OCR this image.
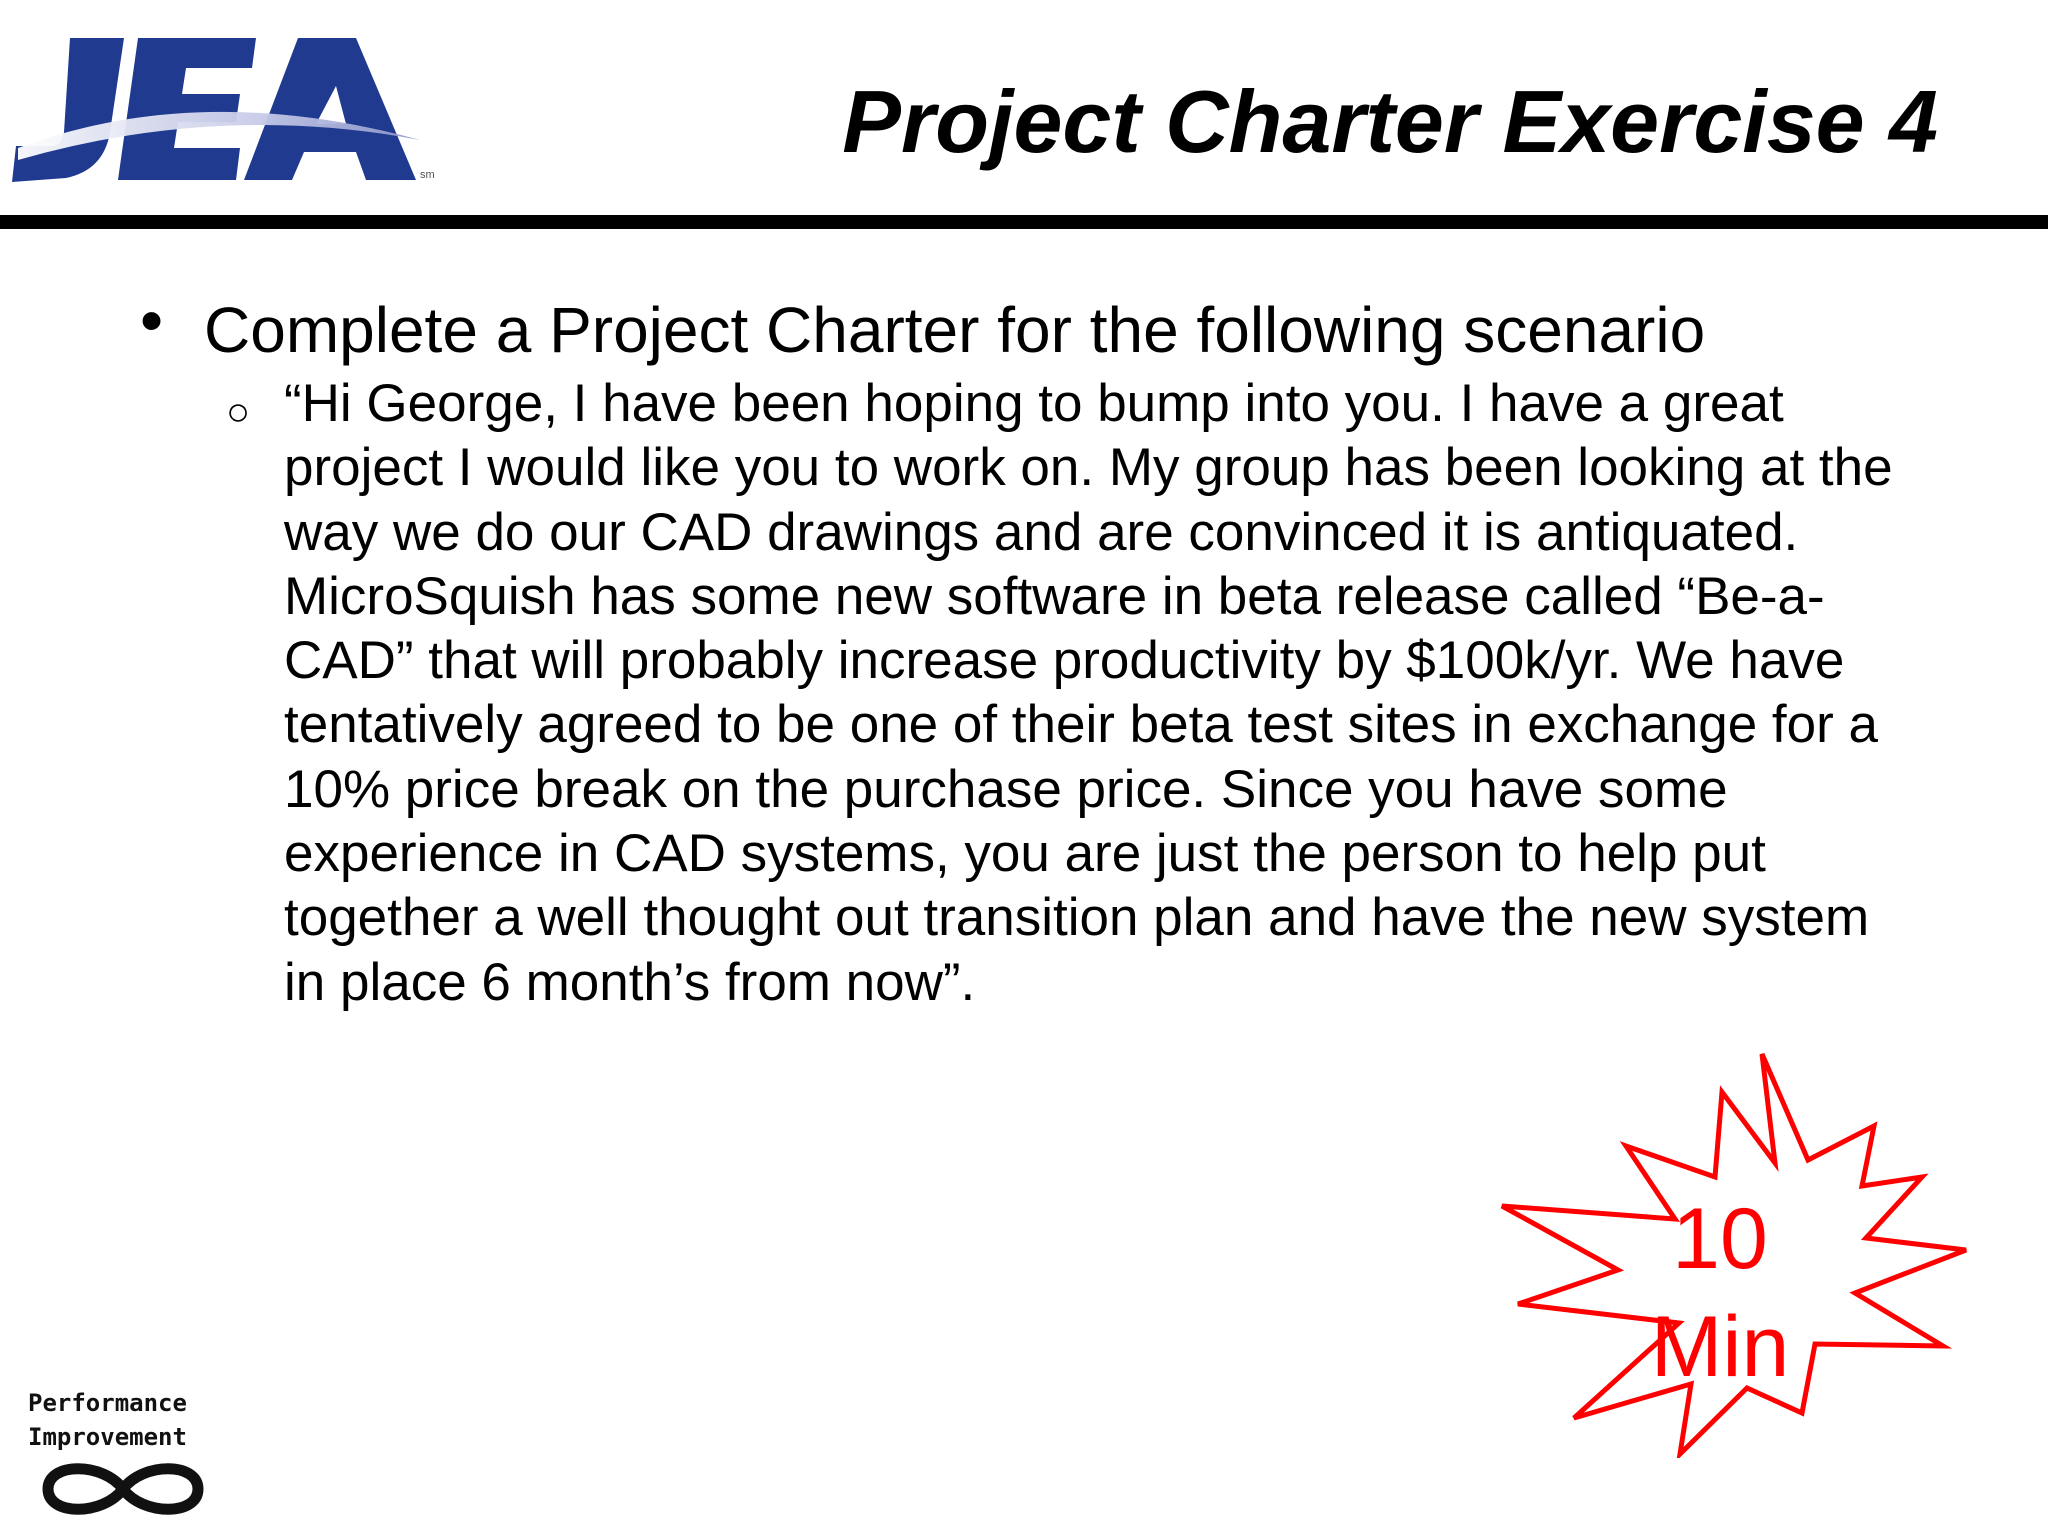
sm
Project Charter Exercise 4
• Complete a Project Charter for the following scenario
○ “Hi George, I have been hoping to bump into you. I have a great project I would like you to work on. My group has been looking at the way we do our CAD drawings and are convinced it is antiquated. MicroSquish has some new software in beta release called “Be-a-CAD” that will probably increase productivity by $100k/yr. We have tentatively agreed to be one of their beta test sites in exchange for a 10% price break on the purchase price. Since you have some experience in CAD systems, you are just the person to help put together a well thought out transition plan and have the new system in place 6 month’s from now”.
10
Min
Performance
Improvement
